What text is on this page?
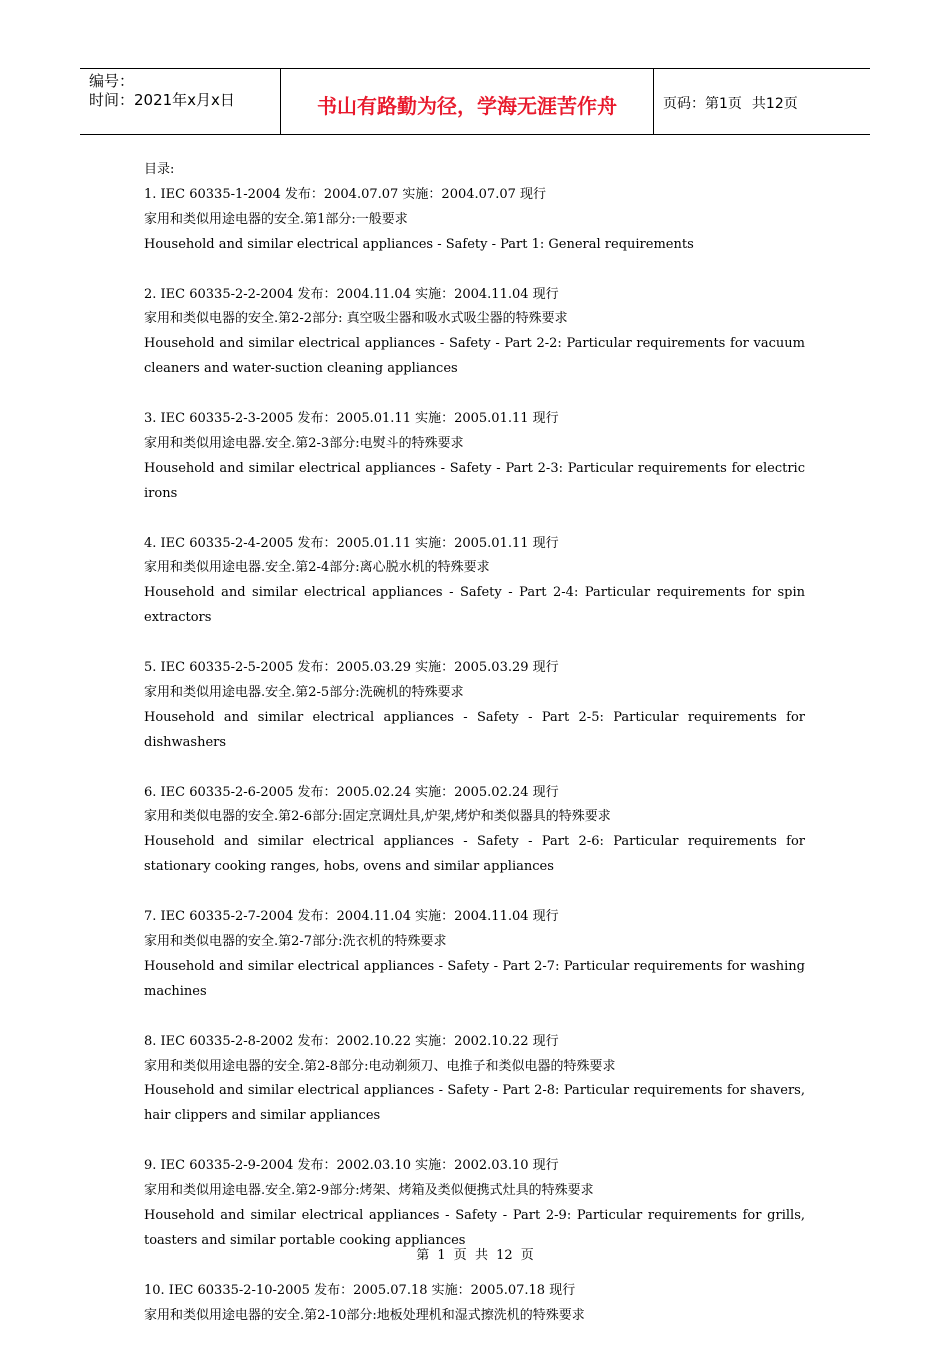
编号：
时间：2021年x月x日	书山有路勤为径，学海无涯苦作舟	页码：第1页 共12页

目录:

1. IEC 60335-1-2004 发布：2004.07.07 实施：2004.07.07 现行

家用和类似用途电器的安全.第1部分:一般要求

Household and similar electrical appliances - Safety - Part 1: General requirements

2. IEC 60335-2-2-2004 发布：2004.11.04 实施：2004.11.04 现行

家用和类似电器的安全.第2-2部分: 真空吸尘器和吸水式吸尘器的特殊要求

Household and similar electrical appliances - Safety - Part 2-2: Particular requirements for vacuum cleaners and water-suction cleaning appliances

3. IEC 60335-2-3-2005 发布：2005.01.11 实施：2005.01.11 现行

家用和类似用途电器.安全.第2-3部分:电熨斗的特殊要求

Household and similar electrical appliances - Safety - Part 2-3: Particular requirements for electric irons

4. IEC 60335-2-4-2005 发布：2005.01.11 实施：2005.01.11 现行

家用和类似用途电器.安全.第2-4部分:离心脱水机的特殊要求

Household and similar electrical appliances - Safety - Part 2-4: Particular requirements for spin extractors

5. IEC 60335-2-5-2005 发布：2005.03.29 实施：2005.03.29 现行

家用和类似用途电器.安全.第2-5部分:洗碗机的特殊要求

Household and similar electrical appliances - Safety - Part 2-5: Particular requirements for dishwashers

6. IEC 60335-2-6-2005 发布：2005.02.24 实施：2005.02.24 现行

家用和类似电器的安全.第2-6部分:固定烹调灶具,炉架,烤炉和类似器具的特殊要求

Household and similar electrical appliances - Safety - Part 2-6: Particular requirements for stationary cooking ranges, hobs, ovens and similar appliances

7. IEC 60335-2-7-2004 发布：2004.11.04 实施：2004.11.04 现行

家用和类似电器的安全.第2-7部分:洗衣机的特殊要求

Household and similar electrical appliances - Safety - Part 2-7: Particular requirements for washing machines

8. IEC 60335-2-8-2002 发布：2002.10.22 实施：2002.10.22 现行

家用和类似用途电器的安全.第2-8部分:电动剃须刀、电推子和类似电器的特殊要求

Household and similar electrical appliances - Safety - Part 2-8: Particular requirements for shavers, hair clippers and similar appliances

9. IEC 60335-2-9-2004 发布：2002.03.10 实施：2002.03.10 现行

家用和类似用途电器.安全.第2-9部分:烤架、烤箱及类似便携式灶具的特殊要求

Household and similar electrical appliances - Safety - Part 2-9: Particular requirements for grills, toasters and similar portable cooking appliances

10. IEC 60335-2-10-2005 发布：2005.07.18 实施：2005.07.18 现行

家用和类似用途电器的安全.第2-10部分:地板处理机和湿式擦洗机的特殊要求

第 1 页 共 12 页
